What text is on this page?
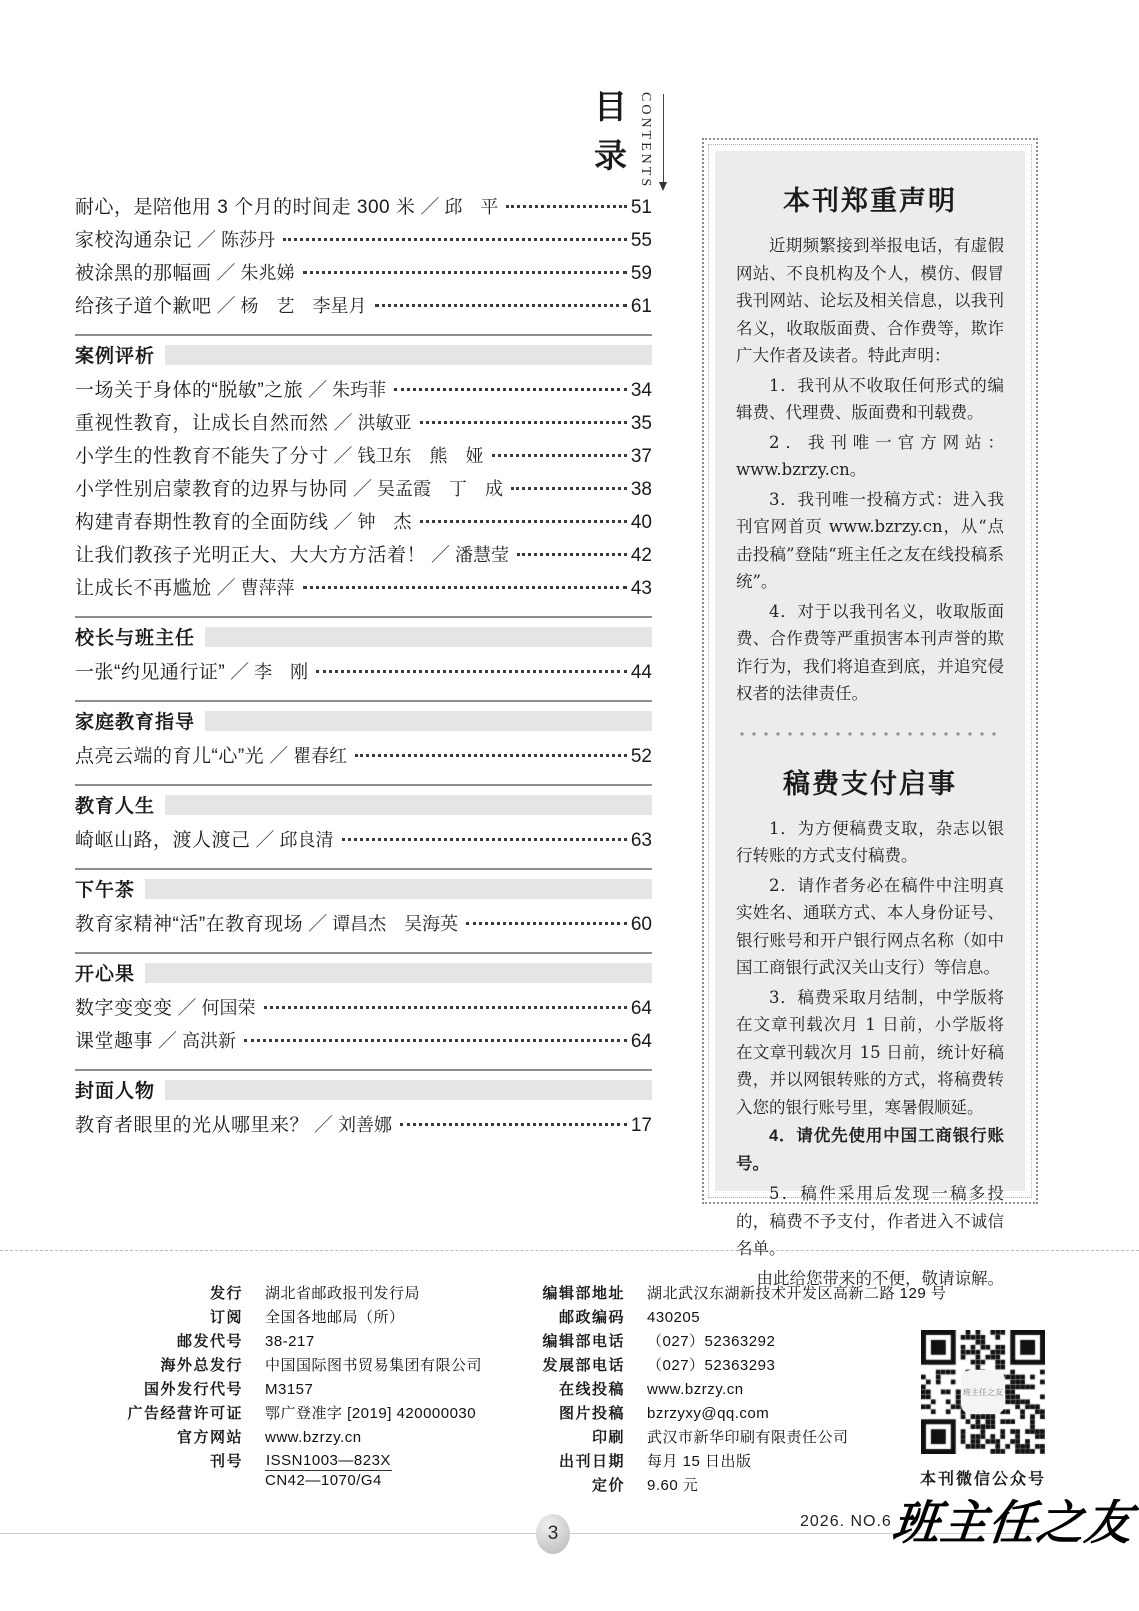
目
录 CONTENTS
耐心，是陪他用 3 个月的时间走 300 米 ／ 邱　平	51
家校沟通杂记 ／ 陈莎丹	55
被涂黑的那幅画 ／ 朱兆娣	59
给孩子道个歉吧 ／ 杨　艺　李星月	61
案例评析
一场关于身体的“脱敏”之旅 ／ 朱玙菲	34
重视性教育，让成长自然而然 ／ 洪敏亚	35
小学生的性教育不能失了分寸 ／ 钱卫东　熊　娅	37
小学性别启蒙教育的边界与协同 ／ 吴孟霞　丁　成	38
构建青春期性教育的全面防线 ／ 钟　杰	40
让我们教孩子光明正大、大大方方活着！ ／ 潘慧莹	42
让成长不再尴尬 ／ 曹萍萍	43
校长与班主任
一张“约见通行证” ／ 李　刚	44
家庭教育指导
点亮云端的育儿“心”光 ／ 瞿春红	52
教育人生
崎岖山路，渡人渡己 ／ 邱良清	63
下午茶
教育家精神“活”在教育现场 ／ 谭昌杰　吴海英	60
开心果
数字变变变 ／ 何国荣	64
课堂趣事 ／ 高洪新	64
封面人物
教育者眼里的光从哪里来？ ／ 刘善娜	17
本刊郑重声明

近期频繁接到举报电话，有虚假网站、不良机构及个人，模仿、假冒我刊网站、论坛及相关信息，以我刊名义，收取版面费、合作费等，欺诈广大作者及读者。特此声明：

1．我刊从不收取任何形式的编辑费、代理费、版面费和刊载费。

2．我刊唯一官方网站：www.bzrzy.cn。

3．我刊唯一投稿方式：进入我刊官网首页 www.bzrzy.cn，从“点击投稿”登陆“班主任之友在线投稿系统”。

4．对于以我刊名义，收取版面费、合作费等严重损害本刊声誉的欺诈行为，我们将追查到底，并追究侵权者的法律责任。

稿费支付启事

1．为方便稿费支取，杂志以银行转账的方式支付稿费。

2．请作者务必在稿件中注明真实姓名、通联方式、本人身份证号、银行账号和开户银行网点名称（如中国工商银行武汉关山支行）等信息。

3．稿费采取月结制，中学版将在文章刊载次月 1 日前，小学版将在文章刊载次月 15 日前，统计好稿费，并以网银转账的方式，将稿费转入您的银行账号里，寒暑假顺延。

4．请优先使用中国工商银行账号。

5．稿件采用后发现一稿多投的，稿费不予支付，作者进入不诚信名单。

由此给您带来的不便，敬请谅解。

发行 湖北省邮政报刊发行局
订阅 全国各地邮局（所）
邮发代号 38-217
海外总发行 中国国际图书贸易集团有限公司
国外发行代号 M3157
广告经营许可证 鄂广登准字 [2019] 420000030
官方网站 www.bzrzy.cn
刊号 $\frac{\text{ISSN1003—823X}}{CN42—1070/G4}$
编辑部地址 湖北武汉东湖新技术开发区高新二路 129 号
邮政编码 430205
编辑部电话 （027）52363292
发展部电话 （027）52363293
在线投稿 www.bzrzy.cn
图片投稿 bzrzyxy@qq.com
印刷 武汉市新华印刷有限责任公司
出刊日期 每月 15 日出版
定价 9.60 元
班主任之友
本刊微信公众号
3
2026. NO.6
班主任之友
